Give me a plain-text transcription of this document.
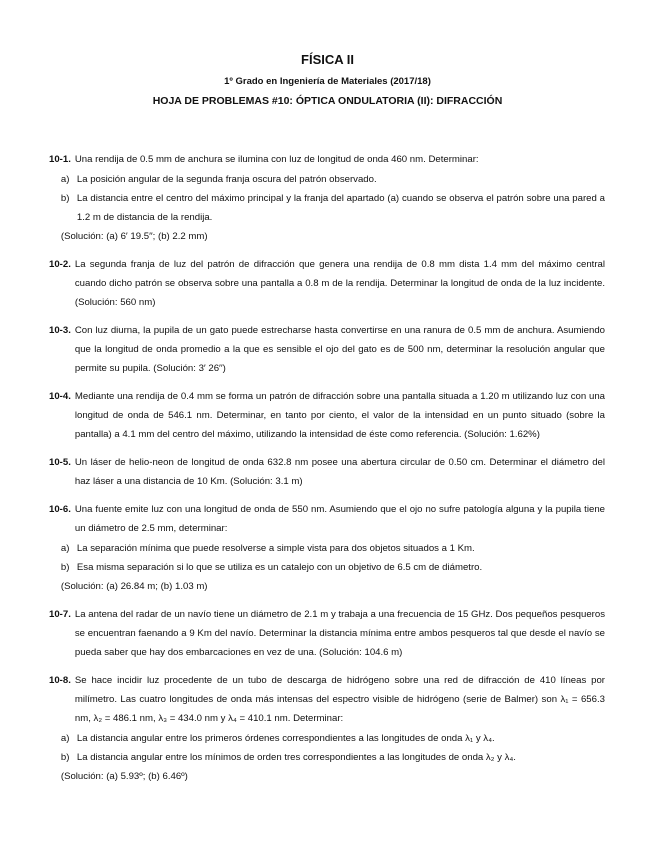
FÍSICA II

1º Grado en Ingeniería de Materiales (2017/18)

HOJA DE PROBLEMAS #10: ÓPTICA ONDULATORIA (II): DIFRACCIÓN

10-1. Una rendija de 0.5 mm de anchura se ilumina con luz de longitud de onda 460 nm. Determinar:
a) La posición angular de la segunda franja oscura del patrón observado.
b) La distancia entre el centro del máximo principal y la franja del apartado (a) cuando se observa el patrón sobre una pared a 1.2 m de distancia de la rendija.
(Solución: (a) 6′ 19.5′′; (b) 2.2 mm)
10-2. La segunda franja de luz del patrón de difracción que genera una rendija de 0.8 mm dista 1.4 mm del máximo central cuando dicho patrón se observa sobre una pantalla a 0.8 m de la rendija. Determinar la longitud de onda de la luz incidente. (Solución: 560 nm)
10-3. Con luz diurna, la pupila de un gato puede estrecharse hasta convertirse en una ranura de 0.5 mm de anchura. Asumiendo que la longitud de onda promedio a la que es sensible el ojo del gato es de 500 nm, determinar la resolución angular que permite su pupila. (Solución: 3′ 26′′)
10-4. Mediante una rendija de 0.4 mm se forma un patrón de difracción sobre una pantalla situada a 1.20 m utilizando luz con una longitud de onda de 546.1 nm. Determinar, en tanto por ciento, el valor de la intensidad en un punto situado (sobre la pantalla) a 4.1 mm del centro del máximo, utilizando la intensidad de éste como referencia. (Solución: 1.62%)
10-5. Un láser de helio-neon de longitud de onda 632.8 nm posee una abertura circular de 0.50 cm. Determinar el diámetro del haz láser a una distancia de 10 Km. (Solución: 3.1 m)
10-6. Una fuente emite luz con una longitud de onda de 550 nm. Asumiendo que el ojo no sufre patología alguna y la pupila tiene un diámetro de 2.5 mm, determinar:
a) La separación mínima que puede resolverse a simple vista para dos objetos situados a 1 Km.
b) Esa misma separación si lo que se utiliza es un catalejo con un objetivo de 6.5 cm de diámetro.
(Solución: (a) 26.84 m; (b) 1.03 m)
10-7. La antena del radar de un navío tiene un diámetro de 2.1 m y trabaja a una frecuencia de 15 GHz. Dos pequeños pesqueros se encuentran faenando a 9 Km del navío. Determinar la distancia mínima entre ambos pesqueros tal que desde el navío se pueda saber que hay dos embarcaciones en vez de una. (Solución: 104.6 m)
10-8. Se hace incidir luz procedente de un tubo de descarga de hidrógeno sobre una red de difracción de 410 líneas por milímetro. Las cuatro longitudes de onda más intensas del espectro visible de hidrógeno (serie de Balmer) son λ₁ = 656.3 nm, λ₂ = 486.1 nm, λ₃ = 434.0 nm y λ₄ = 410.1 nm. Determinar:
a) La distancia angular entre los primeros órdenes correspondientes a las longitudes de onda λ₁ y λ₄.
b) La distancia angular entre los mínimos de orden tres correspondientes a las longitudes de onda λ₂ y λ₄.
(Solución: (a) 5.93º; (b) 6.46º)
